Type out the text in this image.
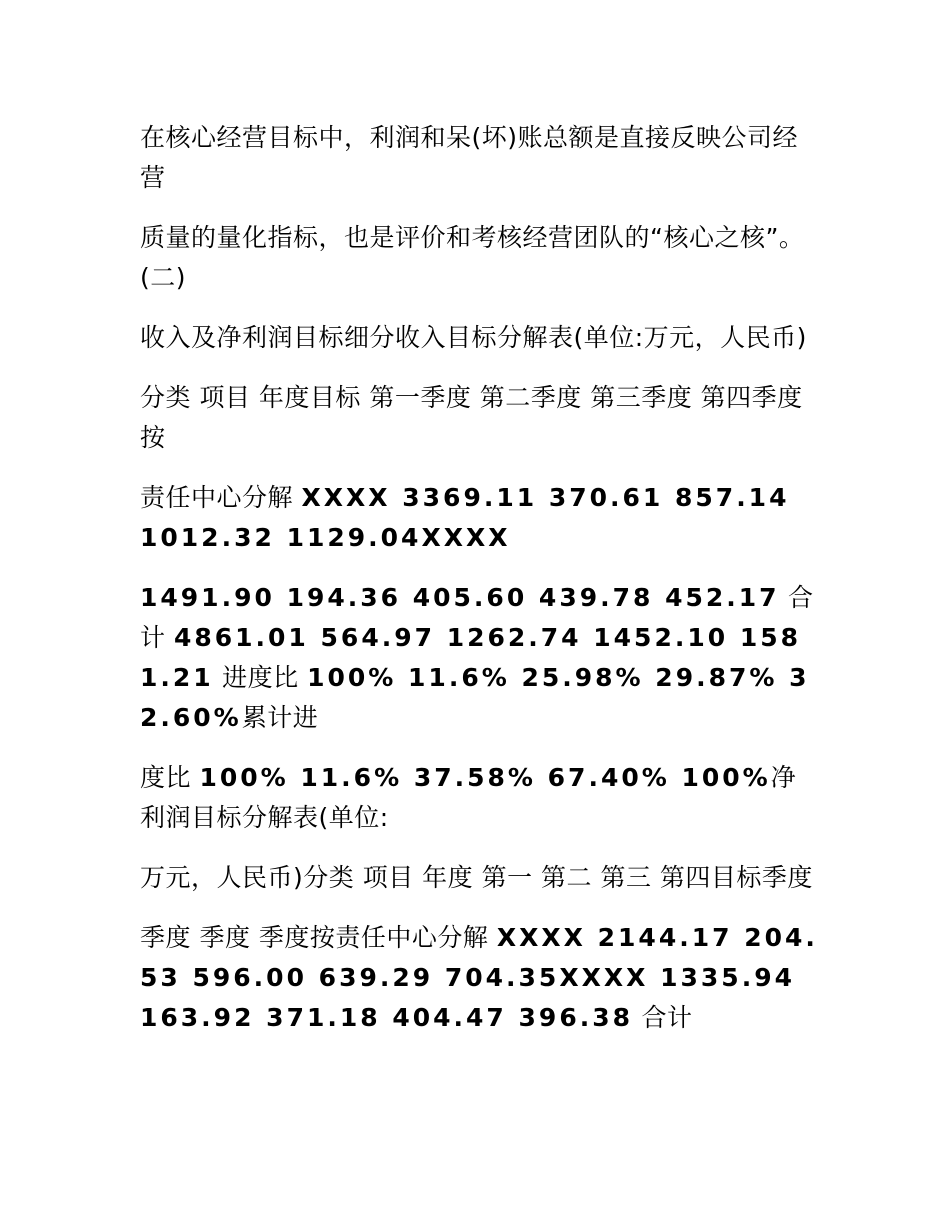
在核心经营目标中，利润和呆(坏)账总额是直接反映公司经营

质量的量化指标，也是评价和考核经营团队的“核心之核”。(二)

收入及净利润目标细分收入目标分解表(单位:万元，人民币)

分类 项目 年度目标 第一季度 第二季度 第三季度 第四季度按

责任中心分解 XXXX 3369.11 370.61 857.14 1012.32 1129.04XXXX

1491.90 194.36 405.60 439.78 452.17 合计 4861.01 564.97 1262.74 1452.10 1581.21 进度比 100% 11.6% 25.98% 29.87% 32.60%累计进

度比 100% 11.6% 37.58% 67.40% 100%净利润目标分解表(单位:

万元，人民币)分类 项目 年度 第一 第二 第三 第四目标季度

季度 季度 季度按责任中心分解 XXXX 2144.17 204.53 596.00 639.29 704.35XXXX 1335.94 163.92 371.18 404.47 396.38 合计
